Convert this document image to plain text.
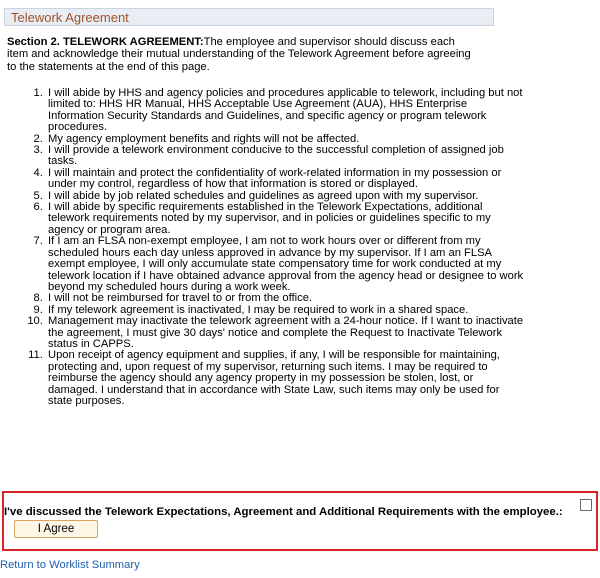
Telework Agreement
Section 2. TELEWORK AGREEMENT:The employee and supervisor should discuss each item and acknowledge their mutual understanding of the Telework Agreement before agreeing to the statements at the end of this page.
1. I will abide by HHS and agency policies and procedures applicable to telework, including but not limited to: HHS HR Manual, HHS Acceptable Use Agreement (AUA), HHS Enterprise Information Security Standards and Guidelines, and specific agency or program telework procedures.
2. My agency employment benefits and rights will not be affected.
3. I will provide a telework environment conducive to the successful completion of assigned job tasks.
4. I will maintain and protect the confidentiality of work-related information in my possession or under my control, regardless of how that information is stored or displayed.
5. I will abide by job related schedules and guidelines as agreed upon with my supervisor.
6. I will abide by specific requirements established in the Telework Expectations, additional telework requirements noted by my supervisor, and in policies or guidelines specific to my agency or program area.
7. If I am an FLSA non-exempt employee, I am not to work hours over or different from my scheduled hours each day unless approved in advance by my supervisor. If I am an FLSA exempt employee, I will only accumulate state compensatory time for work conducted at my telework location if I have obtained advance approval from the agency head or designee to work beyond my scheduled hours during a work week.
8. I will not be reimbursed for travel to or from the office.
9. If my telework agreement is inactivated, I may be required to work in a shared space.
10. Management may inactivate the telework agreement with a 24-hour notice. If I want to inactivate the agreement, I must give 30 days' notice and complete the Request to Inactivate Telework status in CAPPS.
11. Upon receipt of agency equipment and supplies, if any, I will be responsible for maintaining, protecting and, upon request of my supervisor, returning such items. I may be required to reimburse the agency should any agency property in my possession be stolen, lost, or damaged. I understand that in accordance with State Law, such items may only be used for state purposes.
I've discussed the Telework Expectations, Agreement and Additional Requirements with the employee.:
I Agree
Return to Worklist Summary
